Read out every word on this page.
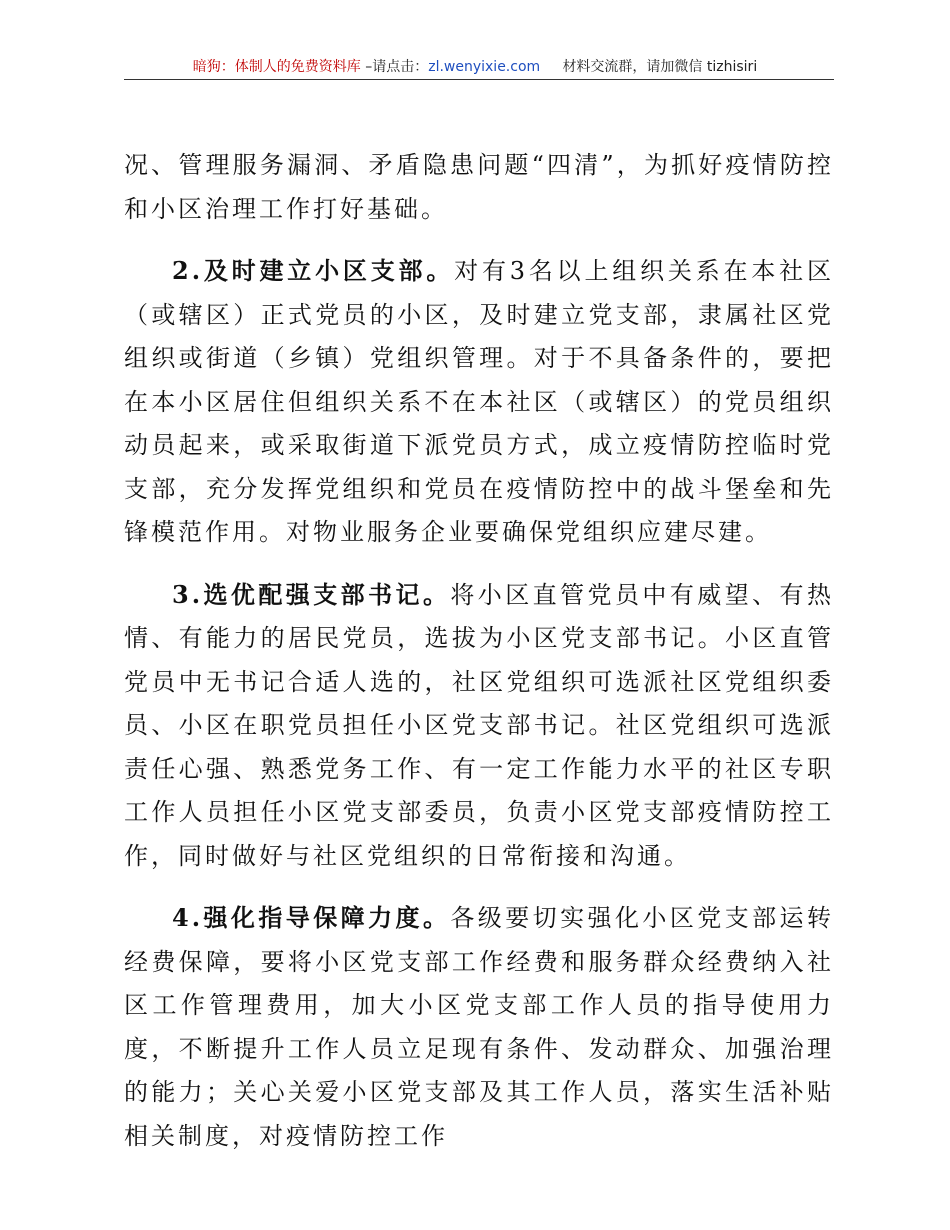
暗狗：体制人的免费资料库 –请点击：zl.wenyixie.com 材料交流群，请加微信 tizhisiri

况、管理服务漏洞、矛盾隐患问题“四清”，为抓好疫情防控和小区治理工作打好基础。

2.及时建立小区支部。对有3名以上组织关系在本社区（或辖区）正式党员的小区，及时建立党支部，隶属社区党组织或街道（乡镇）党组织管理。对于不具备条件的，要把在本小区居住但组织关系不在本社区（或辖区）的党员组织动员起来，或采取街道下派党员方式，成立疫情防控临时党支部，充分发挥党组织和党员在疫情防控中的战斗堡垒和先锋模范作用。对物业服务企业要确保党组织应建尽建。

3.选优配强支部书记。将小区直管党员中有威望、有热情、有能力的居民党员，选拔为小区党支部书记。小区直管党员中无书记合适人选的，社区党组织可选派社区党组织委员、小区在职党员担任小区党支部书记。社区党组织可选派责任心强、熟悉党务工作、有一定工作能力水平的社区专职工作人员担任小区党支部委员，负责小区党支部疫情防控工作，同时做好与社区党组织的日常衔接和沟通。

4.强化指导保障力度。各级要切实强化小区党支部运转经费保障，要将小区党支部工作经费和服务群众经费纳入社区工作管理费用，加大小区党支部工作人员的指导使用力度，不断提升工作人员立足现有条件、发动群众、加强治理的能力；关心关爱小区党支部及其工作人员，落实生活补贴相关制度，对疫情防控工作
